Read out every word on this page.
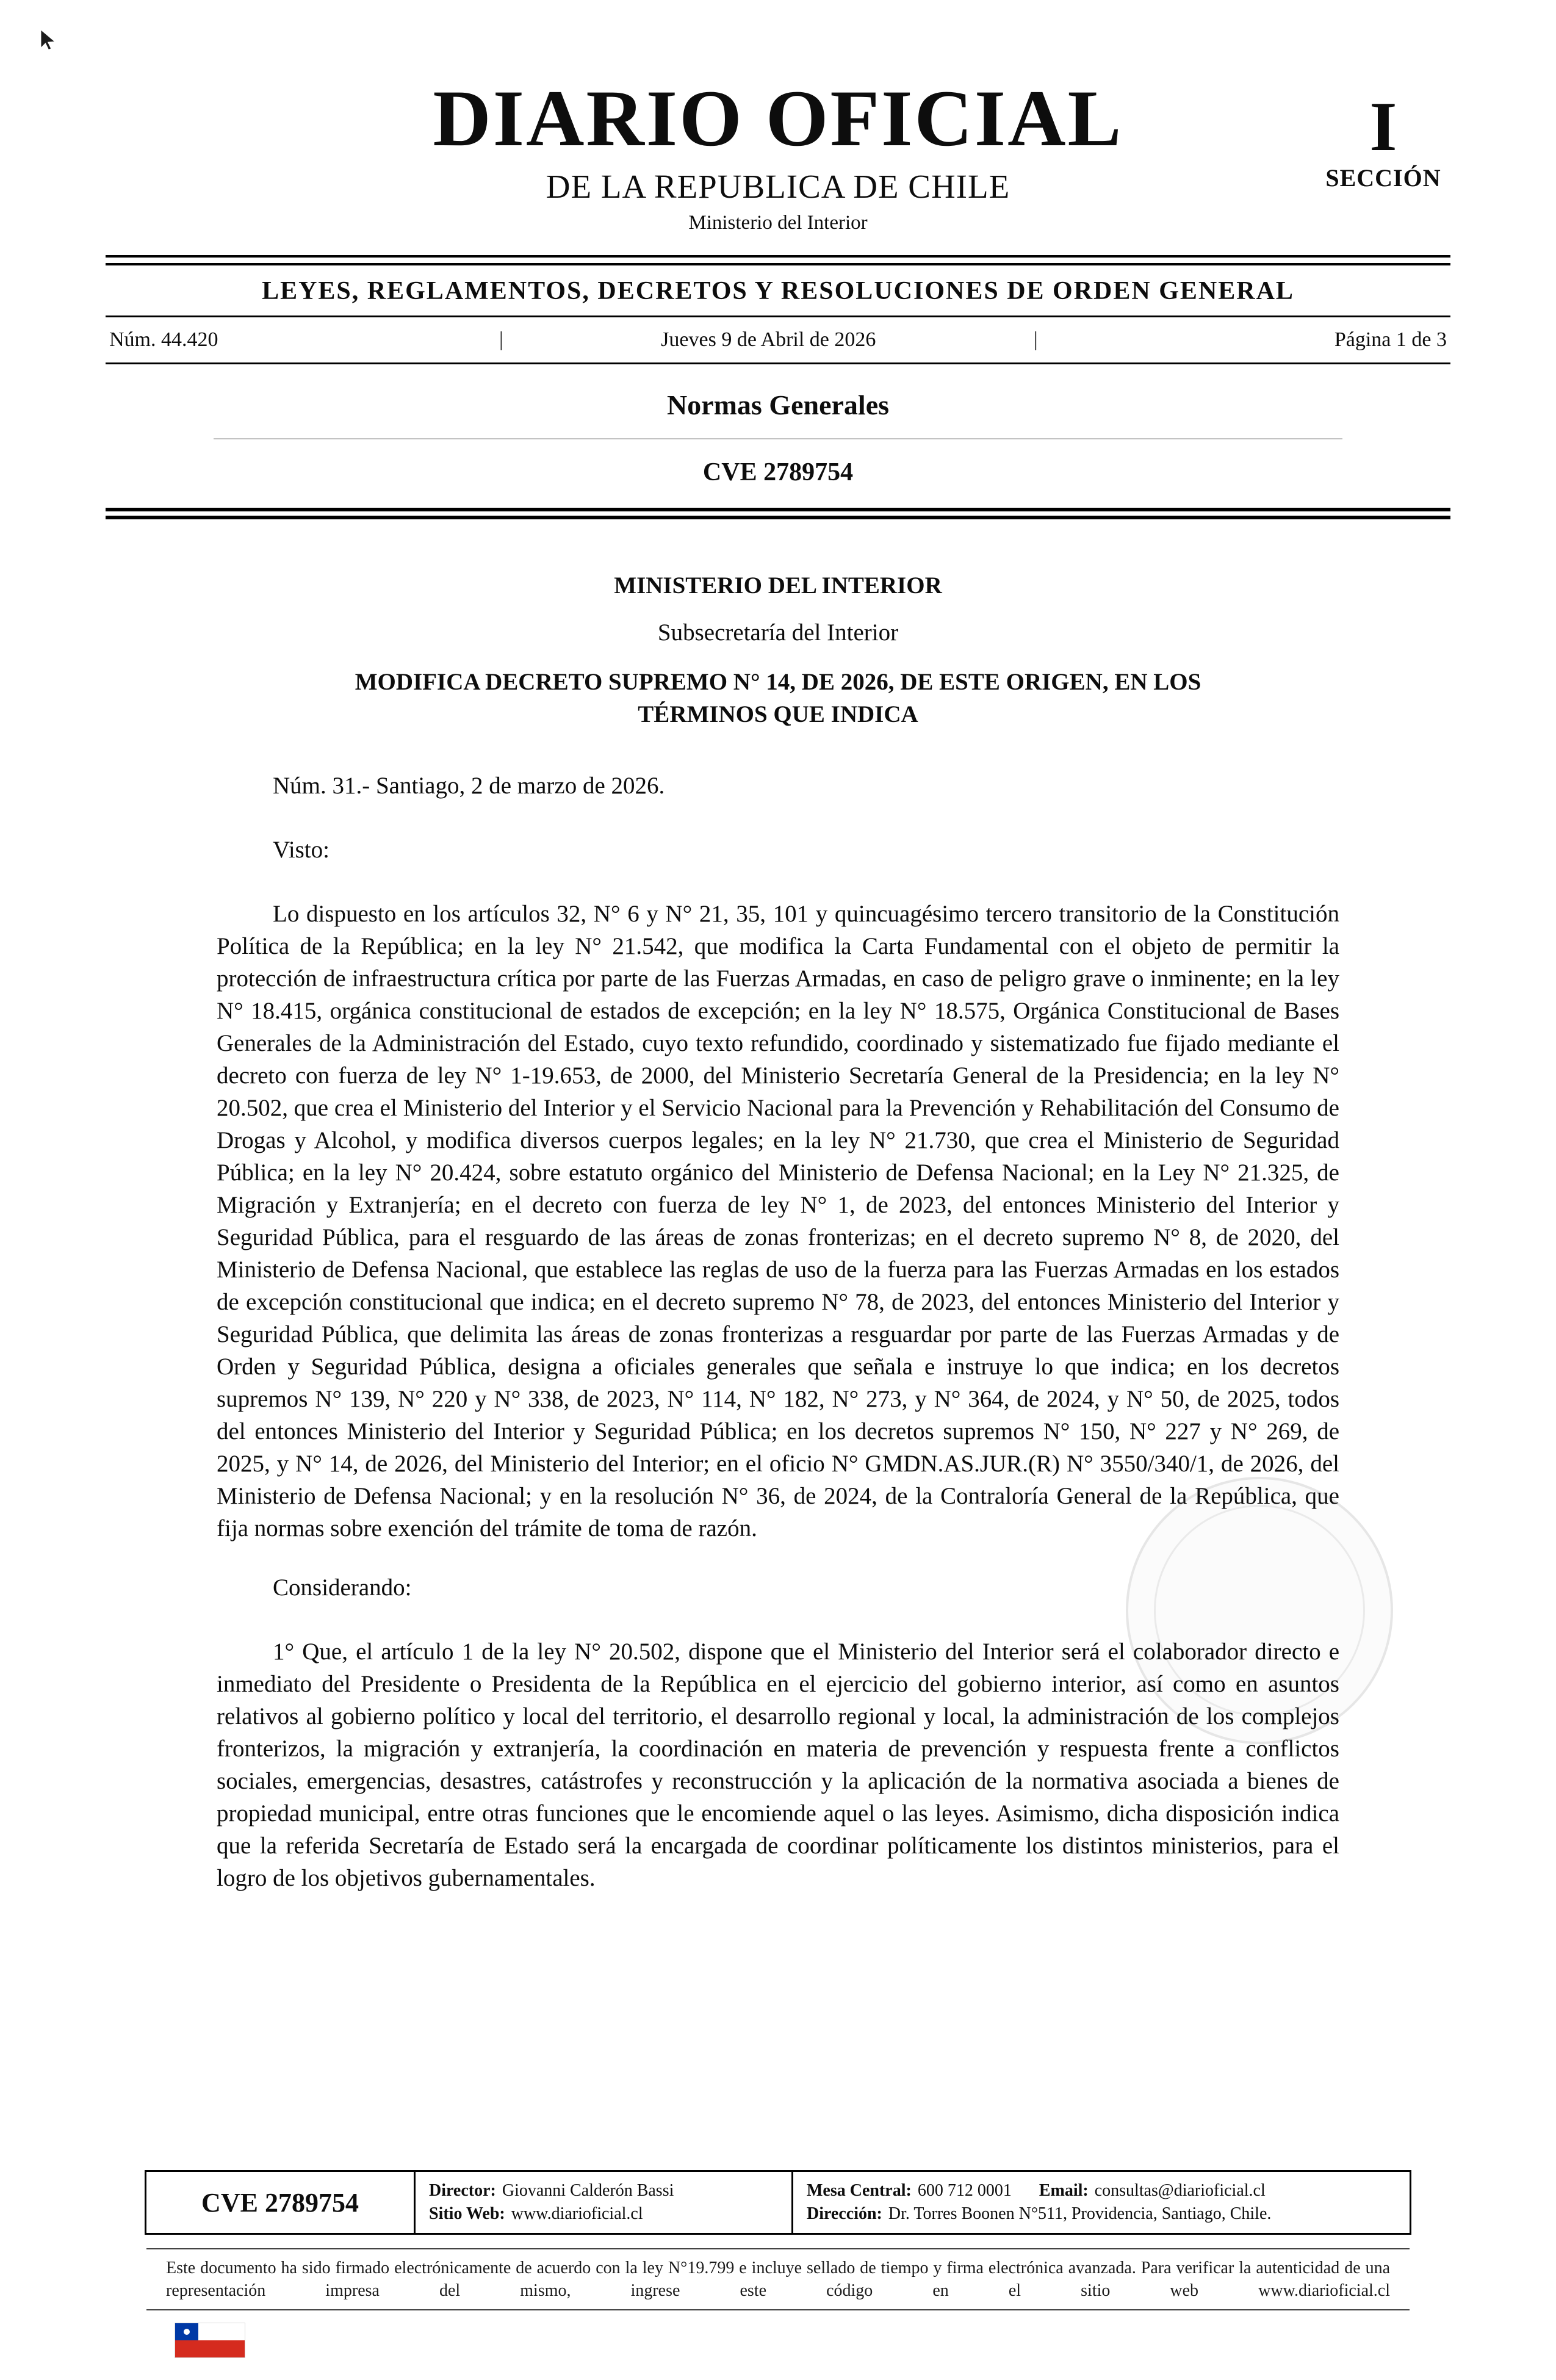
DIARIO OFICIAL
DE LA REPUBLICA DE CHILE
Ministerio del Interior
I
SECCIÓN
LEYES, REGLAMENTOS, DECRETOS Y RESOLUCIONES DE ORDEN GENERAL
Núm. 44.420	|	Jueves 9 de Abril de 2026	|	Página 1 de 3
Normas Generales
CVE 2789754

MINISTERIO DEL INTERIOR

Subsecretaría del Interior

MODIFICA DECRETO SUPREMO N° 14, DE 2026, DE ESTE ORIGEN, EN LOS
TÉRMINOS QUE INDICA

Núm. 31.- Santiago, 2 de marzo de 2026.

Visto:

Lo dispuesto en los artículos 32, N° 6 y N° 21, 35, 101 y quincuagésimo tercero transitorio de la Constitución Política de la República; en la ley N° 21.542, que modifica la Carta Fundamental con el objeto de permitir la protección de infraestructura crítica por parte de las Fuerzas Armadas, en caso de peligro grave o inminente; en la ley N° 18.415, orgánica constitucional de estados de excepción; en la ley N° 18.575, Orgánica Constitucional de Bases Generales de la Administración del Estado, cuyo texto refundido, coordinado y sistematizado fue fijado mediante el decreto con fuerza de ley N° 1-19.653, de 2000, del Ministerio Secretaría General de la Presidencia; en la ley N° 20.502, que crea el Ministerio del Interior y el Servicio Nacional para la Prevención y Rehabilitación del Consumo de Drogas y Alcohol, y modifica diversos cuerpos legales; en la ley N° 21.730, que crea el Ministerio de Seguridad Pública; en la ley N° 20.424, sobre estatuto orgánico del Ministerio de Defensa Nacional; en la Ley N° 21.325, de Migración y Extranjería; en el decreto con fuerza de ley N° 1, de 2023, del entonces Ministerio del Interior y Seguridad Pública, para el resguardo de las áreas de zonas fronterizas; en el decreto supremo N° 8, de 2020, del Ministerio de Defensa Nacional, que establece las reglas de uso de la fuerza para las Fuerzas Armadas en los estados de excepción constitucional que indica; en el decreto supremo N° 78, de 2023, del entonces Ministerio del Interior y Seguridad Pública, que delimita las áreas de zonas fronterizas a resguardar por parte de las Fuerzas Armadas y de Orden y Seguridad Pública, designa a oficiales generales que señala e instruye lo que indica; en los decretos supremos N° 139, N° 220 y N° 338, de 2023, N° 114, N° 182, N° 273, y N° 364, de 2024, y N° 50, de 2025, todos del entonces Ministerio del Interior y Seguridad Pública; en los decretos supremos N° 150, N° 227 y N° 269, de 2025, y N° 14, de 2026, del Ministerio del Interior; en el oficio N° GMDN.AS.JUR.(R) N° 3550/340/1, de 2026, del Ministerio de Defensa Nacional; y en la resolución N° 36, de 2024, de la Contraloría General de la República, que fija normas sobre exención del trámite de toma de razón.

Considerando:

1° Que, el artículo 1 de la ley N° 20.502, dispone que el Ministerio del Interior será el colaborador directo e inmediato del Presidente o Presidenta de la República en el ejercicio del gobierno interior, así como en asuntos relativos al gobierno político y local del territorio, el desarrollo regional y local, la administración de los complejos fronterizos, la migración y extranjería, la coordinación en materia de prevención y respuesta frente a conflictos sociales, emergencias, desastres, catástrofes y reconstrucción y la aplicación de la normativa asociada a bienes de propiedad municipal, entre otras funciones que le encomiende aquel o las leyes. Asimismo, dicha disposición indica que la referida Secretaría de Estado será la encargada de coordinar políticamente los distintos ministerios, para el logro de los objetivos gubernamentales.

CVE 2789754	Director: Giovanni Calderón Bassi
Sitio Web: www.diarioficial.cl
Mesa Central: 600 712 0001 Email: consultas@diarioficial.cl
Dirección: Dr. Torres Boonen N°511, Providencia, Santiago, Chile.

Este documento ha sido firmado electrónicamente de acuerdo con la ley N°19.799 e incluye sellado de tiempo y firma electrónica avanzada. Para verificar la autenticidad de una representación impresa del mismo, ingrese este código en el sitio web www.diarioficial.cl
